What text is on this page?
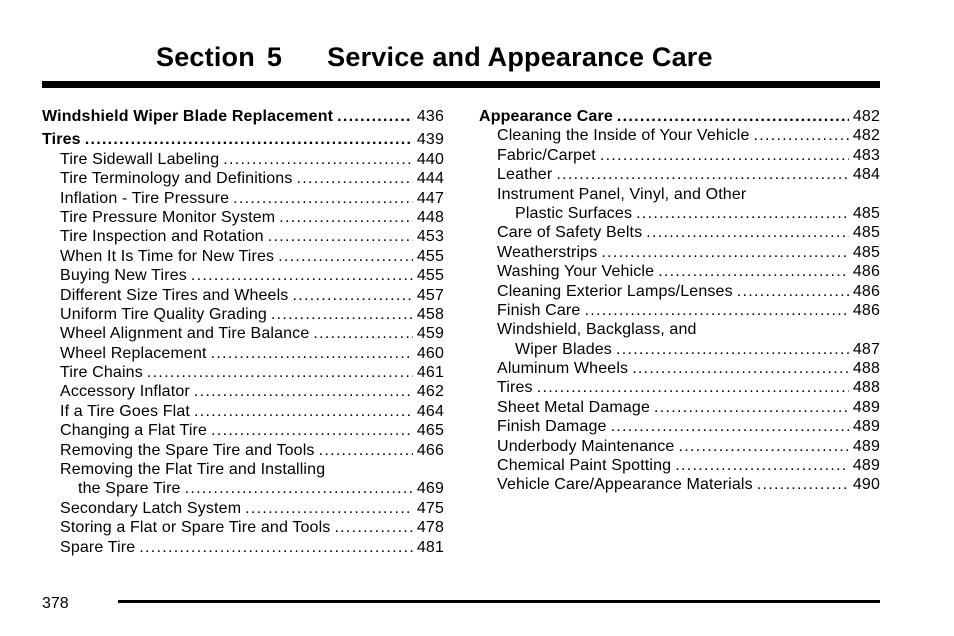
Section 5 Service and Appearance Care
Windshield Wiper Blade Replacement .....	436
Tires .....	439
Tire Sidewall Labeling .....	440
Tire Terminology and Definitions .....	444
Inflation - Tire Pressure .....	447
Tire Pressure Monitor System .....	448
Tire Inspection and Rotation .....	453
When It Is Time for New Tires .....	455
Buying New Tires .....	455
Different Size Tires and Wheels .....	457
Uniform Tire Quality Grading .....	458
Wheel Alignment and Tire Balance .....	459
Wheel Replacement .....	460
Tire Chains .....	461
Accessory Inflator .....	462
If a Tire Goes Flat .....	464
Changing a Flat Tire .....	465
Removing the Spare Tire and Tools .....	466
Removing the Flat Tire and Installing
the Spare Tire .....	469
Secondary Latch System .....	475
Storing a Flat or Spare Tire and Tools .....	478
Spare Tire .....	481
Appearance Care .....	482
Cleaning the Inside of Your Vehicle .....	482
Fabric/Carpet .....	483
Leather .....	484
Instrument Panel, Vinyl, and Other
Plastic Surfaces .....	485
Care of Safety Belts .....	485
Weatherstrips .....	485
Washing Your Vehicle .....	486
Cleaning Exterior Lamps/Lenses .....	486
Finish Care .....	486
Windshield, Backglass, and
Wiper Blades .....	487
Aluminum Wheels .....	488
Tires .....	488
Sheet Metal Damage .....	489
Finish Damage .....	489
Underbody Maintenance .....	489
Chemical Paint Spotting .....	489
Vehicle Care/Appearance Materials .....	490
378
